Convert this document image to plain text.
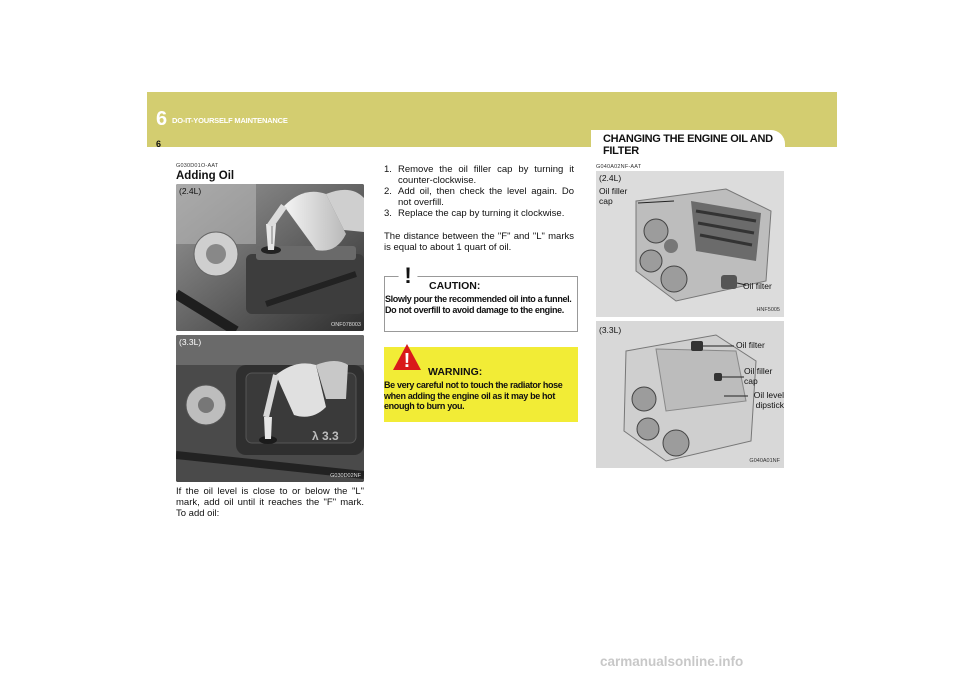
6 DO-IT-YOURSELF MAINTENANCE
6	CHANGING THE ENGINE OIL AND FILTER
G030D01O-AAT
Adding Oil
(2.4L)
ONF078003
(3.3L)
λ 3.3
G030D02NF
If the oil level is close to or below the "L" mark, add oil until it reaches the "F" mark. To add oil:
1. Remove the oil filler cap by turning it counter-clockwise.
2. Add oil, then check the level again. Do not overfill.
3. Replace the cap by turning it clockwise.
The distance between the "F" and "L" marks is equal to about 1 quart of oil.
! CAUTION:
Slowly pour the recommended oil into a funnel. Do not overfill to avoid damage to the engine.
! WARNING:
Be very careful not to touch the radiator hose when adding the engine oil as it may be hot enough to burn you.
G040A02NF-AAT
(2.4L)
Oil filler cap
Oil filter
HNF5005
(3.3L)
Oil filter
Oil filler cap
Oil level dipstick
G040A01NF
carmanualsonline.info
